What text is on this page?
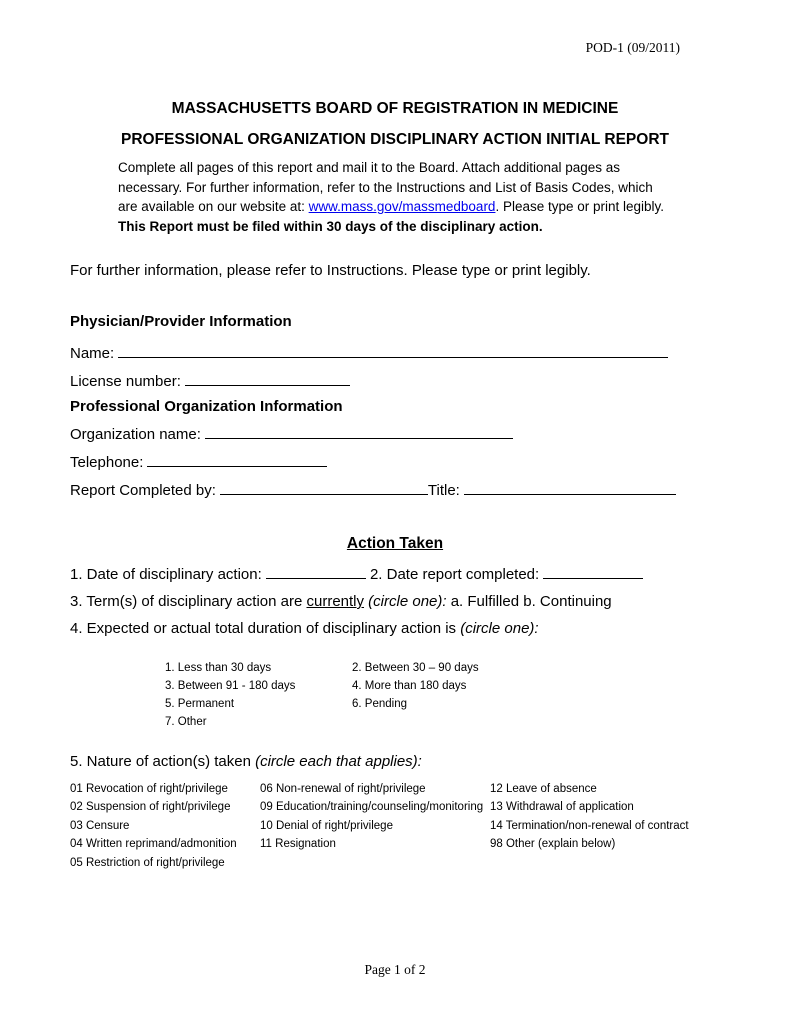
POD-1 (09/2011)
MASSACHUSETTS BOARD OF REGISTRATION IN MEDICINE
PROFESSIONAL ORGANIZATION DISCIPLINARY ACTION INITIAL REPORT

Complete all pages of this report and mail it to the Board. Attach additional pages as necessary. For further information, refer to the Instructions and List of Basis Codes, which are available on our website at: www.mass.gov/massmedboard. Please type or print legibly. This Report must be filed within 30 days of the disciplinary action.

For further information, please refer to Instructions. Please type or print legibly.

Physician/Provider Information
Name:
License number:
Professional Organization Information
Organization name:
Telephone:
Report Completed by:	Title:
Action Taken
1. Date of disciplinary action:	2. Date report completed:
3. Term(s) of disciplinary action are currently (circle one): a. Fulfilled b. Continuing
4. Expected or actual total duration of disciplinary action is (circle one):
1. Less than 30 days	2. Between 30 – 90 days
3. Between 91 - 180 days	4. More than 180 days
5. Permanent	6. Pending
7. Other
5. Nature of action(s) taken (circle each that applies):
01 Revocation of right/privilege
02 Suspension of right/privilege
03 Censure
04 Written reprimand/admonition
05 Restriction of right/privilege
06 Non-renewal of right/privilege
09 Education/training/counseling/monitoring
10 Denial of right/privilege
11 Resignation
12 Leave of absence
13 Withdrawal of application
14 Termination/non-renewal of contract
98 Other (explain below)
Page 1 of 2
